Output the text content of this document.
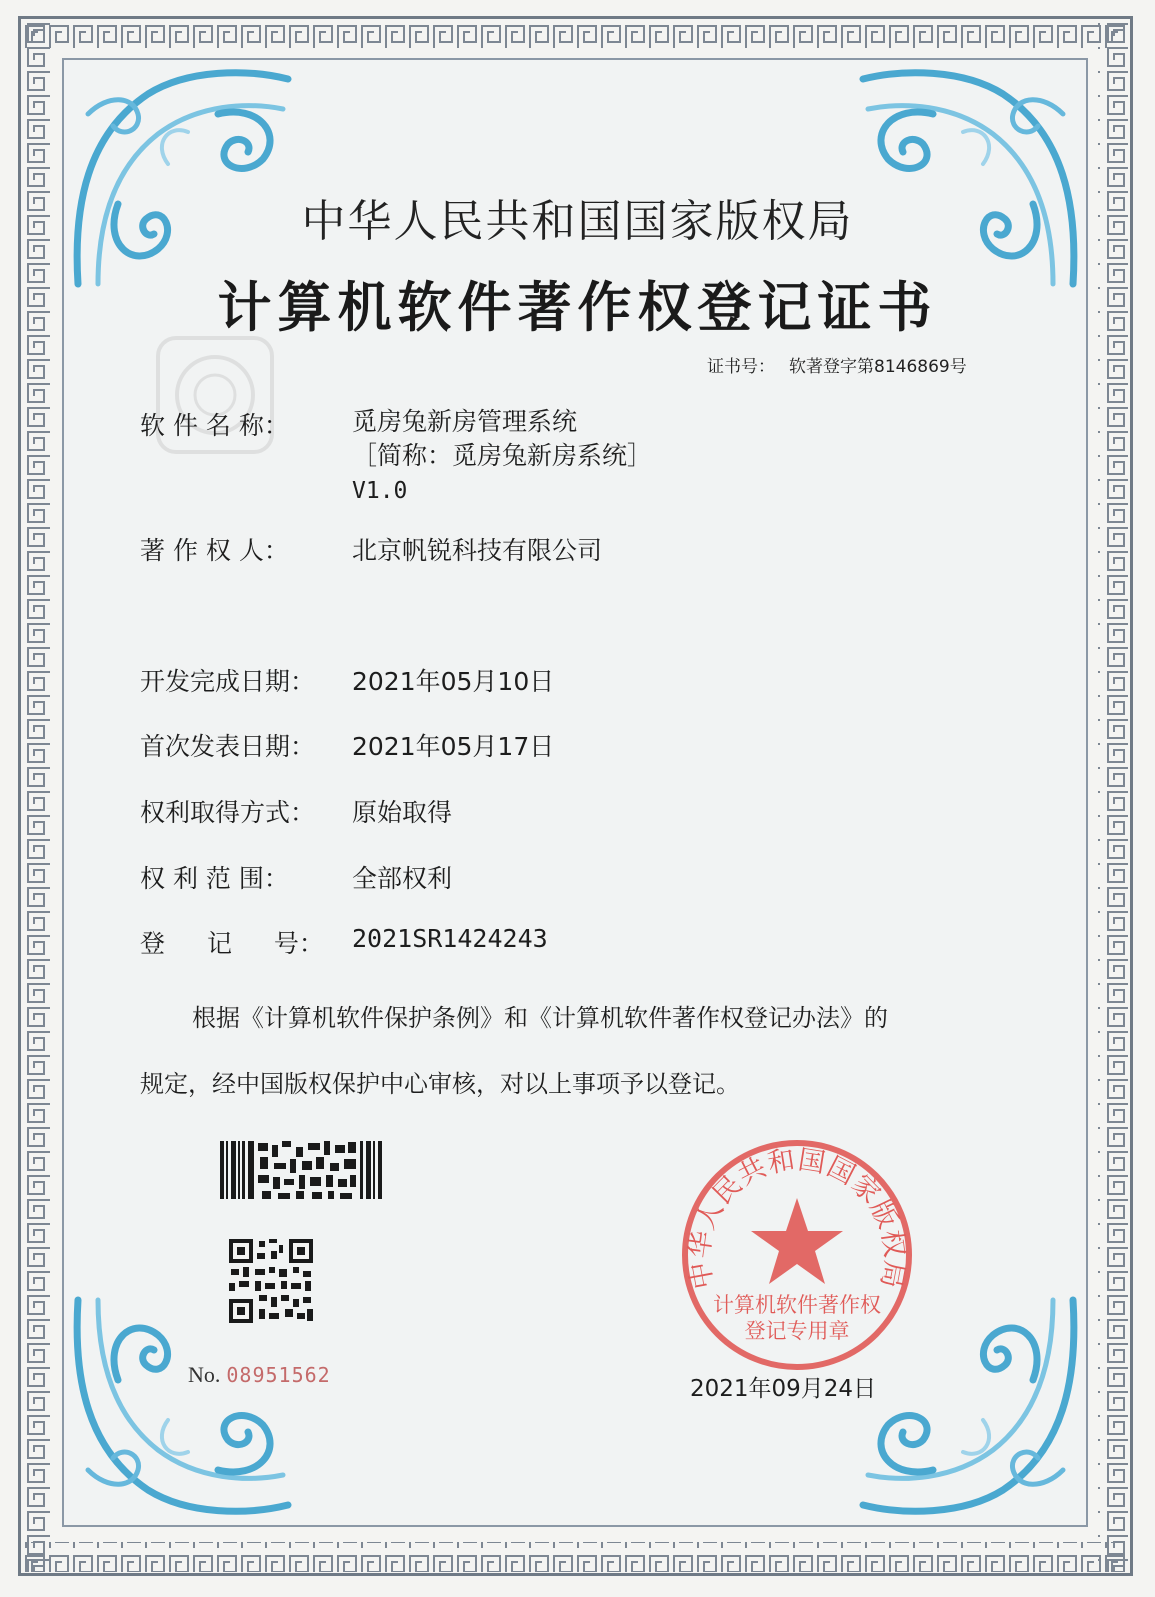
中华人民共和国国家版权局
计算机软件著作权登记证书
证书号： 软著登字第8146869号
软 件 名 称：	觅房兔新房管理系统
［简称：觅房兔新房系统］
V1.0
著 作 权 人：	北京帆锐科技有限公司
开发完成日期： 2021年05月10日
首次发表日期： 2021年05月17日
权利取得方式： 原始取得
权 利 范 围：	全部权利
登 记 号： 2021SR1424243
根据《计算机软件保护条例》和《计算机软件著作权登记办法》的
规定，经中国版权保护中心审核，对以上事项予以登记。
No. 08951562
中华人民共和国国家版权局
计算机软件著作权
登记专用章
2021年09月24日
